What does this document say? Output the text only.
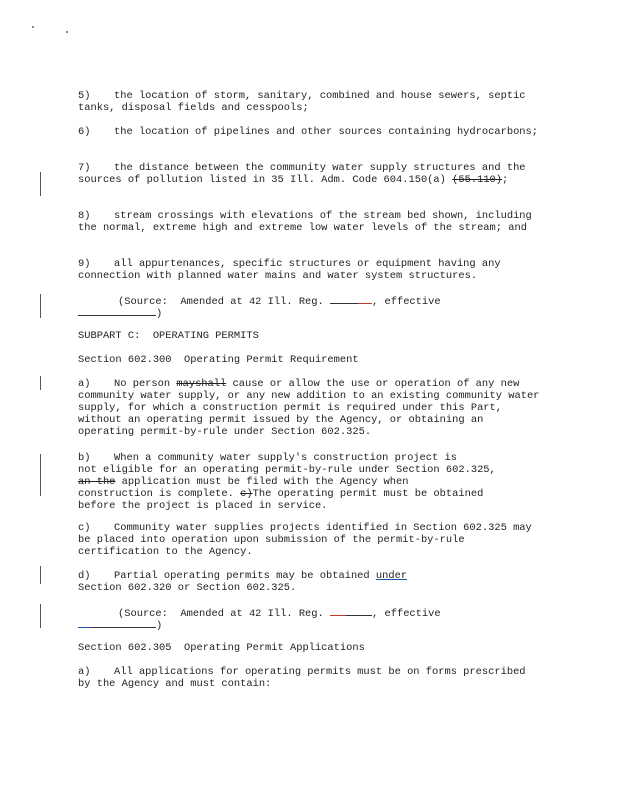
5) the location of storm, sanitary, combined and house sewers, septic tanks, disposal fields and cesspools;

6) the location of pipelines and other sources containing hydrocarbons;

7) the distance between the community water supply structures and the sources of pollution listed in 35 Ill. Adm. Code 604.150(a) (55.110);

8) stream crossings with elevations of the stream bed shown, including the normal, extreme high and extreme low water levels of the stream; and

9) all appurtenances, specific structures or equipment having any connection with planned water mains and water system structures.

(Source:  Amended at 42 Ill. Reg.	, effective

)

SUBPART C:  OPERATING PERMITS

Section 602.300  Operating Permit Requirement

a) No person mayshall cause or allow the use or operation of any new community water supply, or any new addition to an existing community water supply, for which a construction permit is required under this Part, without an operating permit issued by the Agency, or obtaining an operating permit-by-rule under Section 602.325.

b) When a community water supply's construction project is
not eligible for an operating permit-by-rule under Section 602.325,
an the application must be filed with the Agency when
construction is complete. c)The operating permit must be obtained
before the project is placed in service.

c) Community water supplies projects identified in Section 602.325 may be placed into operation upon submission of the permit-by-rule certification to the Agency.

d) Partial operating permits may be obtained under
Section 602.320 or Section 602.325.

(Source:  Amended at 42 Ill. Reg.	, effective

)

Section 602.305  Operating Permit Applications

a) All applications for operating permits must be on forms prescribed by the Agency and must contain:
